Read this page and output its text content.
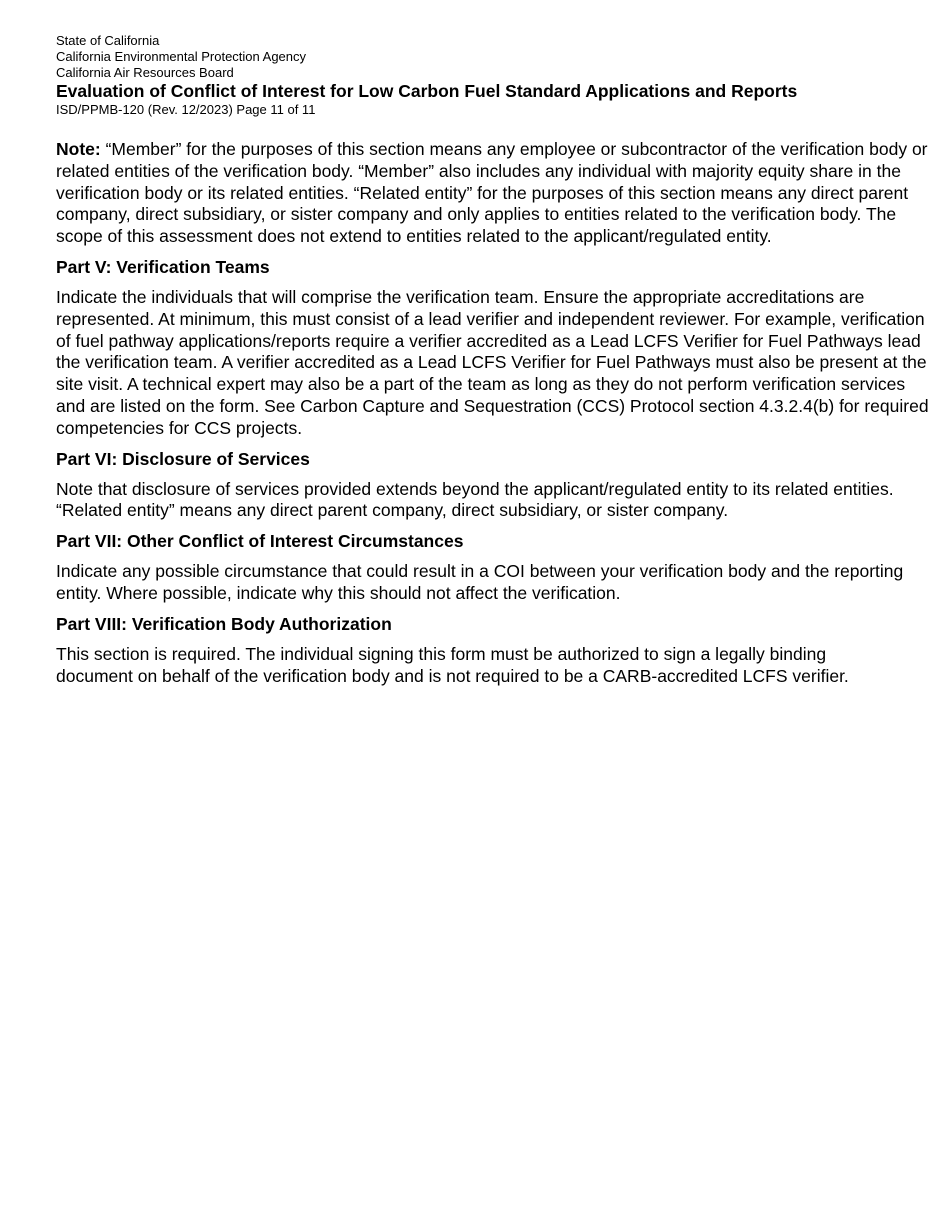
State of California

California Environmental Protection Agency

California Air Resources Board

Evaluation of Conflict of Interest for Low Carbon Fuel Standard Applications and Reports

ISD/PPMB-120 (Rev. 12/2023) Page 11 of 11

Note: “Member” for the purposes of this section means any employee or subcontractor of the verification body or related entities of the verification body. “Member” also includes any individual with majority equity share in the verification body or its related entities. “Related entity” for the purposes of this section means any direct parent company, direct subsidiary, or sister company and only applies to entities related to the verification body. The scope of this assessment does not extend to entities related to the applicant/regulated entity.

Part V: Verification Teams

Indicate the individuals that will comprise the verification team. Ensure the appropriate accreditations are represented. At minimum, this must consist of a lead verifier and independent reviewer. For example, verification of fuel pathway applications/reports require a verifier accredited as a Lead LCFS Verifier for Fuel Pathways lead the verification team. A verifier accredited as a Lead LCFS Verifier for Fuel Pathways must also be present at the site visit. A technical expert may also be a part of the team as long as they do not perform verification services and are listed on the form. See Carbon Capture and Sequestration (CCS) Protocol section 4.3.2.4(b) for required competencies for CCS projects.

Part VI: Disclosure of Services

Note that disclosure of services provided extends beyond the applicant/regulated entity to its related entities. “Related entity” means any direct parent company, direct subsidiary, or sister company.

Part VII: Other Conflict of Interest Circumstances

Indicate any possible circumstance that could result in a COI between your verification body and the reporting entity. Where possible, indicate why this should not affect the verification.

Part VIII: Verification Body Authorization

This section is required. The individual signing this form must be authorized to sign a legally binding document on behalf of the verification body and is not required to be a CARB-accredited LCFS verifier.
